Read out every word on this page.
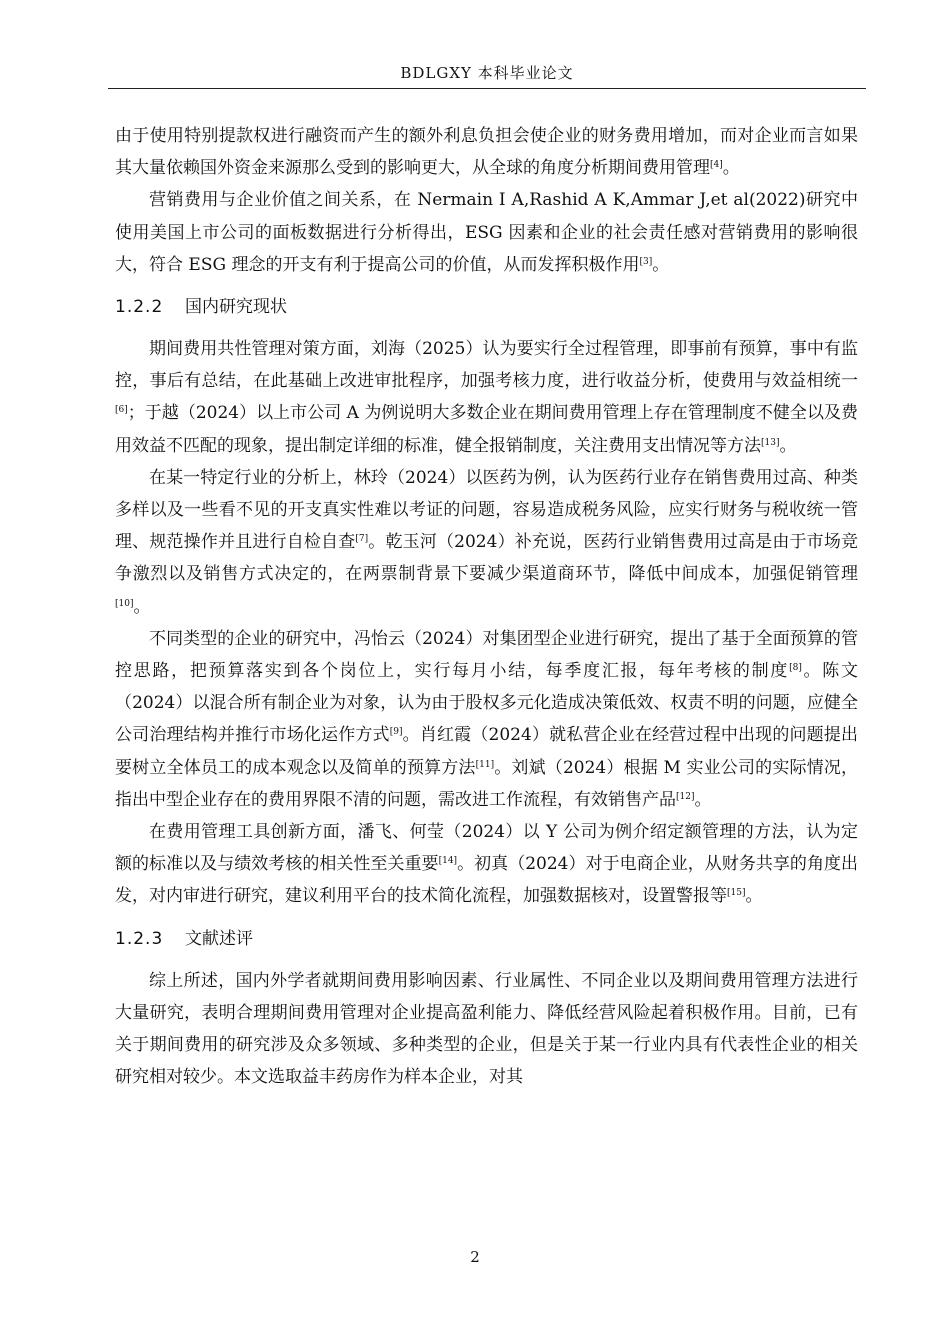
BDLGXY 本科毕业论文

由于使用特别提款权进行融资而产生的额外利息负担会使企业的财务费用增加，而对企业而言如果其大量依赖国外资金来源那么受到的影响更大，从全球的角度分析期间费用管理[4]。

营销费用与企业价值之间关系，在 Nermain I A,Rashid A K,Ammar J,et al(2022)研究中使用美国上市公司的面板数据进行分析得出，ESG 因素和企业的社会责任感对营销费用的影响很大，符合 ESG 理念的开支有利于提高公司的价值，从而发挥积极作用[3]。

1.2.2 国内研究现状

期间费用共性管理对策方面，刘海（2025）认为要实行全过程管理，即事前有预算，事中有监控，事后有总结，在此基础上改进审批程序，加强考核力度，进行收益分析，使费用与效益相统一[6]；于越（2024）以上市公司 A 为例说明大多数企业在期间费用管理上存在管理制度不健全以及费用效益不匹配的现象，提出制定详细的标准，健全报销制度，关注费用支出情况等方法[13]。

在某一特定行业的分析上，林玲（2024）以医药为例，认为医药行业存在销售费用过高、种类多样以及一些看不见的开支真实性难以考证的问题，容易造成税务风险，应实行财务与税收统一管理、规范操作并且进行自检自查[7]。乾玉河（2024）补充说，医药行业销售费用过高是由于市场竞争激烈以及销售方式决定的，在两票制背景下要减少渠道商环节，降低中间成本，加强促销管理[10]。

不同类型的企业的研究中，冯怡云（2024）对集团型企业进行研究，提出了基于全面预算的管控思路，把预算落实到各个岗位上，实行每月小结，每季度汇报，每年考核的制度[8]。陈文（2024）以混合所有制企业为对象，认为由于股权多元化造成决策低效、权责不明的问题，应健全公司治理结构并推行市场化运作方式[9]。肖红霞（2024）就私营企业在经营过程中出现的问题提出要树立全体员工的成本观念以及简单的预算方法[11]。刘斌（2024）根据 M 实业公司的实际情况，指出中型企业存在的费用界限不清的问题，需改进工作流程，有效销售产品[12]。

在费用管理工具创新方面，潘飞、何莹（2024）以 Y 公司为例介绍定额管理的方法，认为定额的标准以及与绩效考核的相关性至关重要[14]。初真（2024）对于电商企业，从财务共享的角度出发，对内审进行研究，建议利用平台的技术简化流程，加强数据核对，设置警报等[15]。

1.2.3 文献述评

综上所述，国内外学者就期间费用影响因素、行业属性、不同企业以及期间费用管理方法进行大量研究，表明合理期间费用管理对企业提高盈利能力、降低经营风险起着积极作用。目前，已有关于期间费用的研究涉及众多领域、多种类型的企业，但是关于某一行业内具有代表性企业的相关研究相对较少。本文选取益丰药房作为样本企业，对其

2
